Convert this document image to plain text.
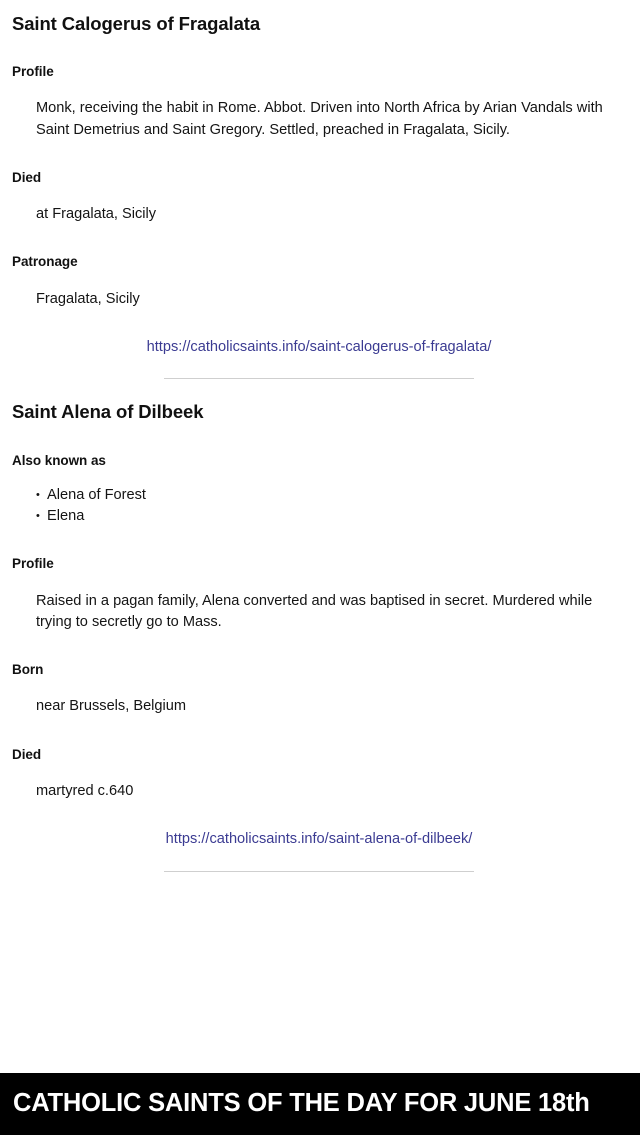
Saint Calogerus of Fragalata
Profile

Monk, receiving the habit in Rome. Abbot. Driven into North Africa by Arian Vandals with Saint Demetrius and Saint Gregory. Settled, preached in Fragalata, Sicily.

Died

at Fragalata, Sicily

Patronage

Fragalata, Sicily

https://catholicsaints.info/saint-calogerus-of-fragalata/
Saint Alena of Dilbeek
Also known as
• Alena of Forest
• Elena
Profile

Raised in a pagan family, Alena converted and was baptised in secret. Murdered while trying to secretly go to Mass.

Born

near Brussels, Belgium

Died

martyred c.640

https://catholicsaints.info/saint-alena-of-dilbeek/
CATHOLIC SAINTS OF THE DAY FOR JUNE 18th
